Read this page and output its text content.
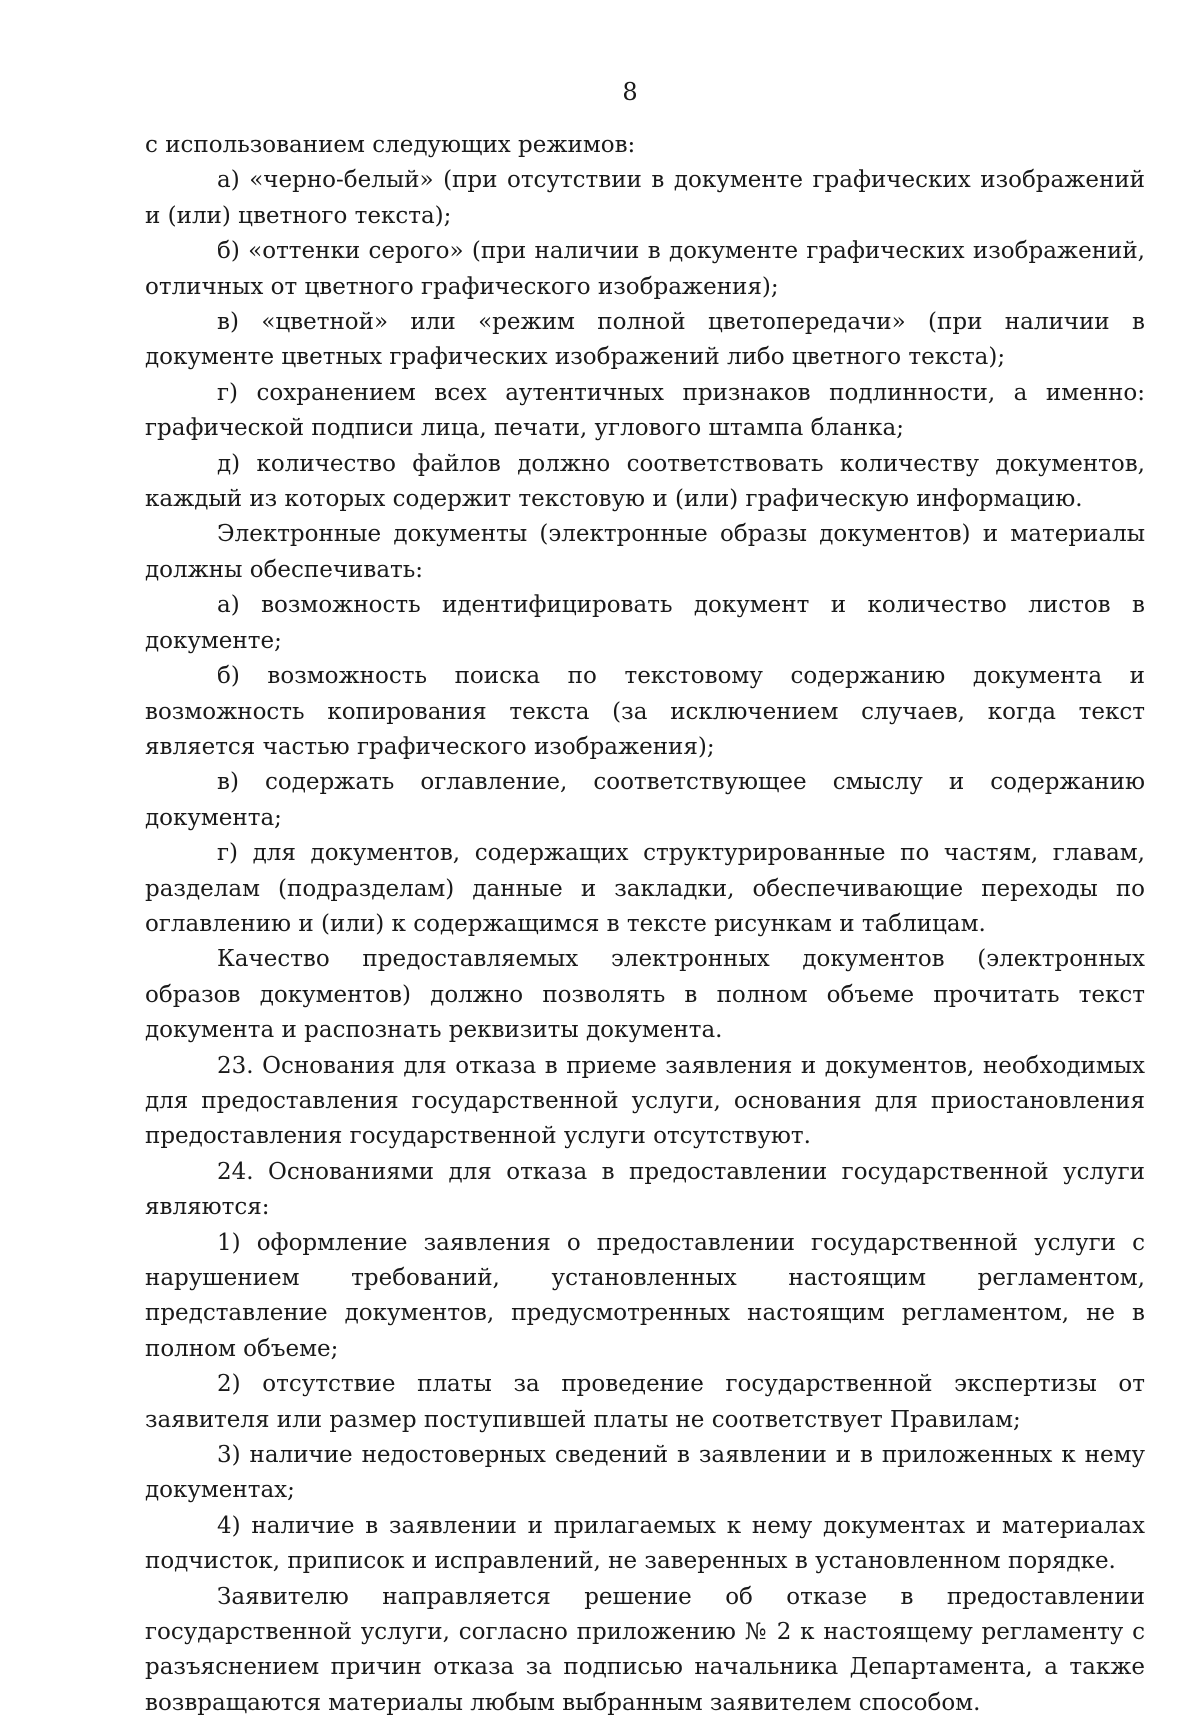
8

с использованием следующих режимов:

а) «черно-белый» (при отсутствии в документе графических изображений и (или) цветного текста);

б) «оттенки серого» (при наличии в документе графических изображений, отличных от цветного графического изображения);

в) «цветной» или «режим полной цветопередачи» (при наличии в документе цветных графических изображений либо цветного текста);

г) сохранением всех аутентичных признаков подлинности, а именно: графической подписи лица, печати, углового штампа бланка;

д) количество файлов должно соответствовать количеству документов, каждый из которых содержит текстовую и (или) графическую информацию.

Электронные документы (электронные образы документов) и материалы должны обеспечивать:

а) возможность идентифицировать документ и количество листов в документе;

б) возможность поиска по текстовому содержанию документа и возможность копирования текста (за исключением случаев, когда текст является частью графического изображения);

в) содержать оглавление, соответствующее смыслу и содержанию документа;

г) для документов, содержащих структурированные по частям, главам, разделам (подразделам) данные и закладки, обеспечивающие переходы по оглавлению и (или) к содержащимся в тексте рисункам и таблицам.

Качество предоставляемых электронных документов (электронных образов документов) должно позволять в полном объеме прочитать текст документа и распознать реквизиты документа.

23. Основания для отказа в приеме заявления и документов, необходимых для предоставления государственной услуги, основания для приостановления предоставления государственной услуги отсутствуют.

24. Основаниями для отказа в предоставлении государственной услуги являются:

1) оформление заявления о предоставлении государственной услуги с нарушением требований, установленных настоящим регламентом, представление документов, предусмотренных настоящим регламентом, не в полном объеме;

2) отсутствие платы за проведение государственной экспертизы от заявителя или размер поступившей платы не соответствует Правилам;

3) наличие недостоверных сведений в заявлении и в приложенных к нему документах;

4) наличие в заявлении и прилагаемых к нему документах и материалах подчисток, приписок и исправлений, не заверенных в установленном порядке.

Заявителю направляется решение об отказе в предоставлении государственной услуги, согласно приложению № 2 к настоящему регламенту с разъяснением причин отказа за подписью начальника Департамента, а также возвращаются материалы любым выбранным заявителем способом.
